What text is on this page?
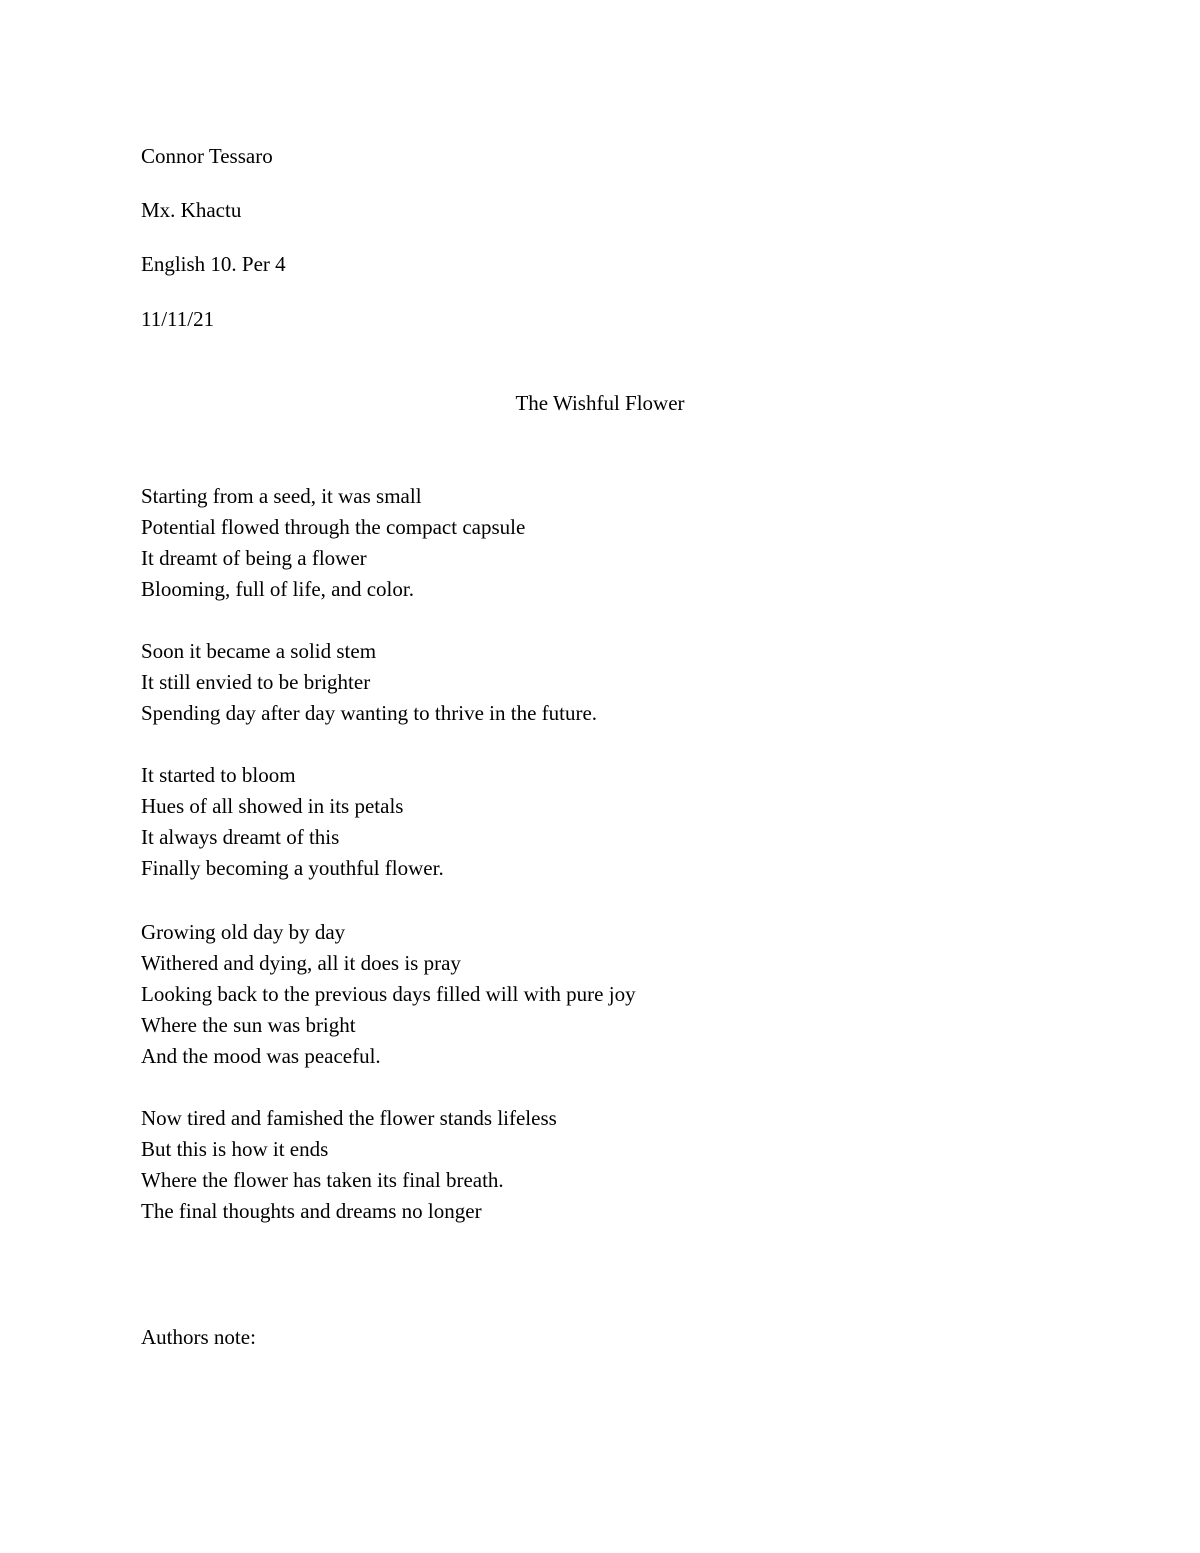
Connor Tessaro
Mx. Khactu
English 10. Per 4
11/11/21
The Wishful Flower
Starting from a seed, it was small
Potential flowed through the compact capsule
It dreamt of being a flower
Blooming, full of life, and color.
Soon it became a solid stem
It still envied to be brighter
Spending day after day wanting to thrive in the future.
It started to bloom
Hues of all showed in its petals
It always dreamt of this
Finally becoming a youthful flower.
Growing old day by day
Withered and dying, all it does is pray
Looking back to the previous days filled will with pure joy
Where the sun was bright
And the mood was peaceful.
Now tired and famished the flower stands lifeless
But this is how it ends
Where the flower has taken its final breath.
The final thoughts and dreams no longer
Authors note:
